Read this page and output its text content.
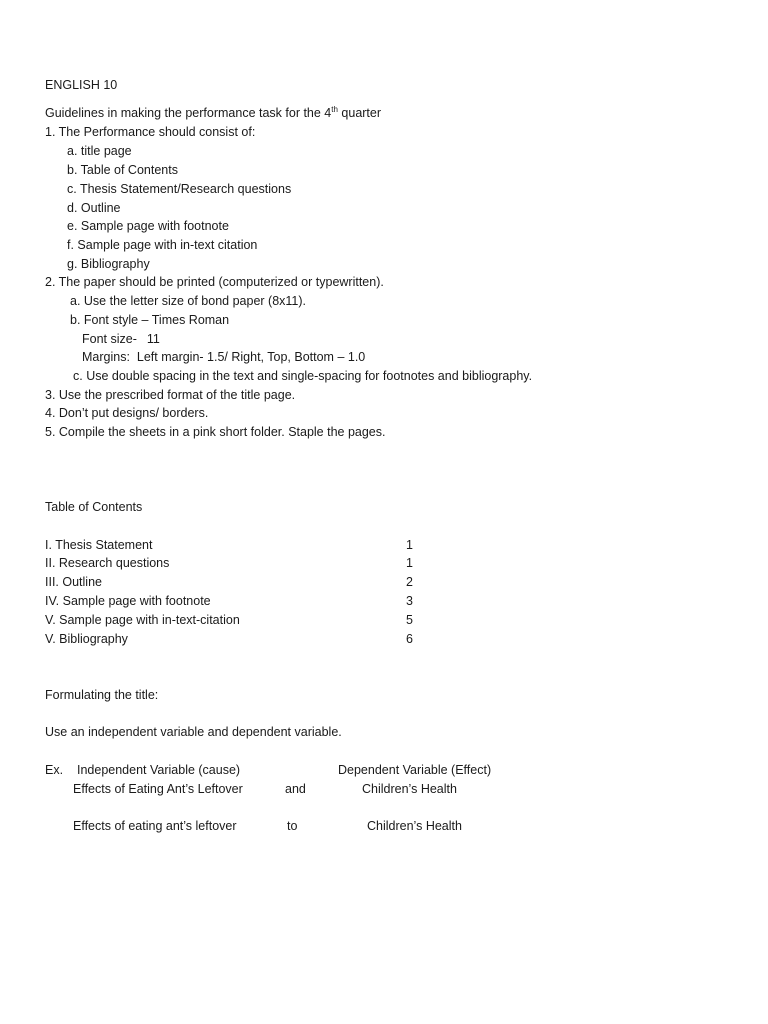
ENGLISH 10
Guidelines in making the performance task for the 4th quarter
1. The Performance should consist of:
a. title page
b. Table of Contents
c. Thesis Statement/Research questions
d. Outline
e. Sample page with footnote
f. Sample page with in-text citation
g. Bibliography
2. The paper should be printed (computerized or typewritten).
a. Use the letter size of bond paper (8x11).
b. Font style – Times Roman
Font size- 11
Margins:  Left margin- 1.5/ Right, Top, Bottom – 1.0
c. Use double spacing in the text and single-spacing for footnotes and bibliography.
3. Use the prescribed format of the title page.
4. Don’t put designs/ borders.
5. Compile the sheets in a pink short folder. Staple the pages.
Table of Contents
I. Thesis Statement	1
II. Research questions	1
III. Outline	2
IV. Sample page with footnote	3
V. Sample page with in-text-citation	5
V. Bibliography	6
Formulating the title:
Use an independent variable and dependent variable.
Ex. Independent Variable (cause)	Dependent Variable (Effect)
Effects of Eating Ant’s Leftover	and	Children’s Health
Effects of eating ant’s leftover	to	Children’s Health
